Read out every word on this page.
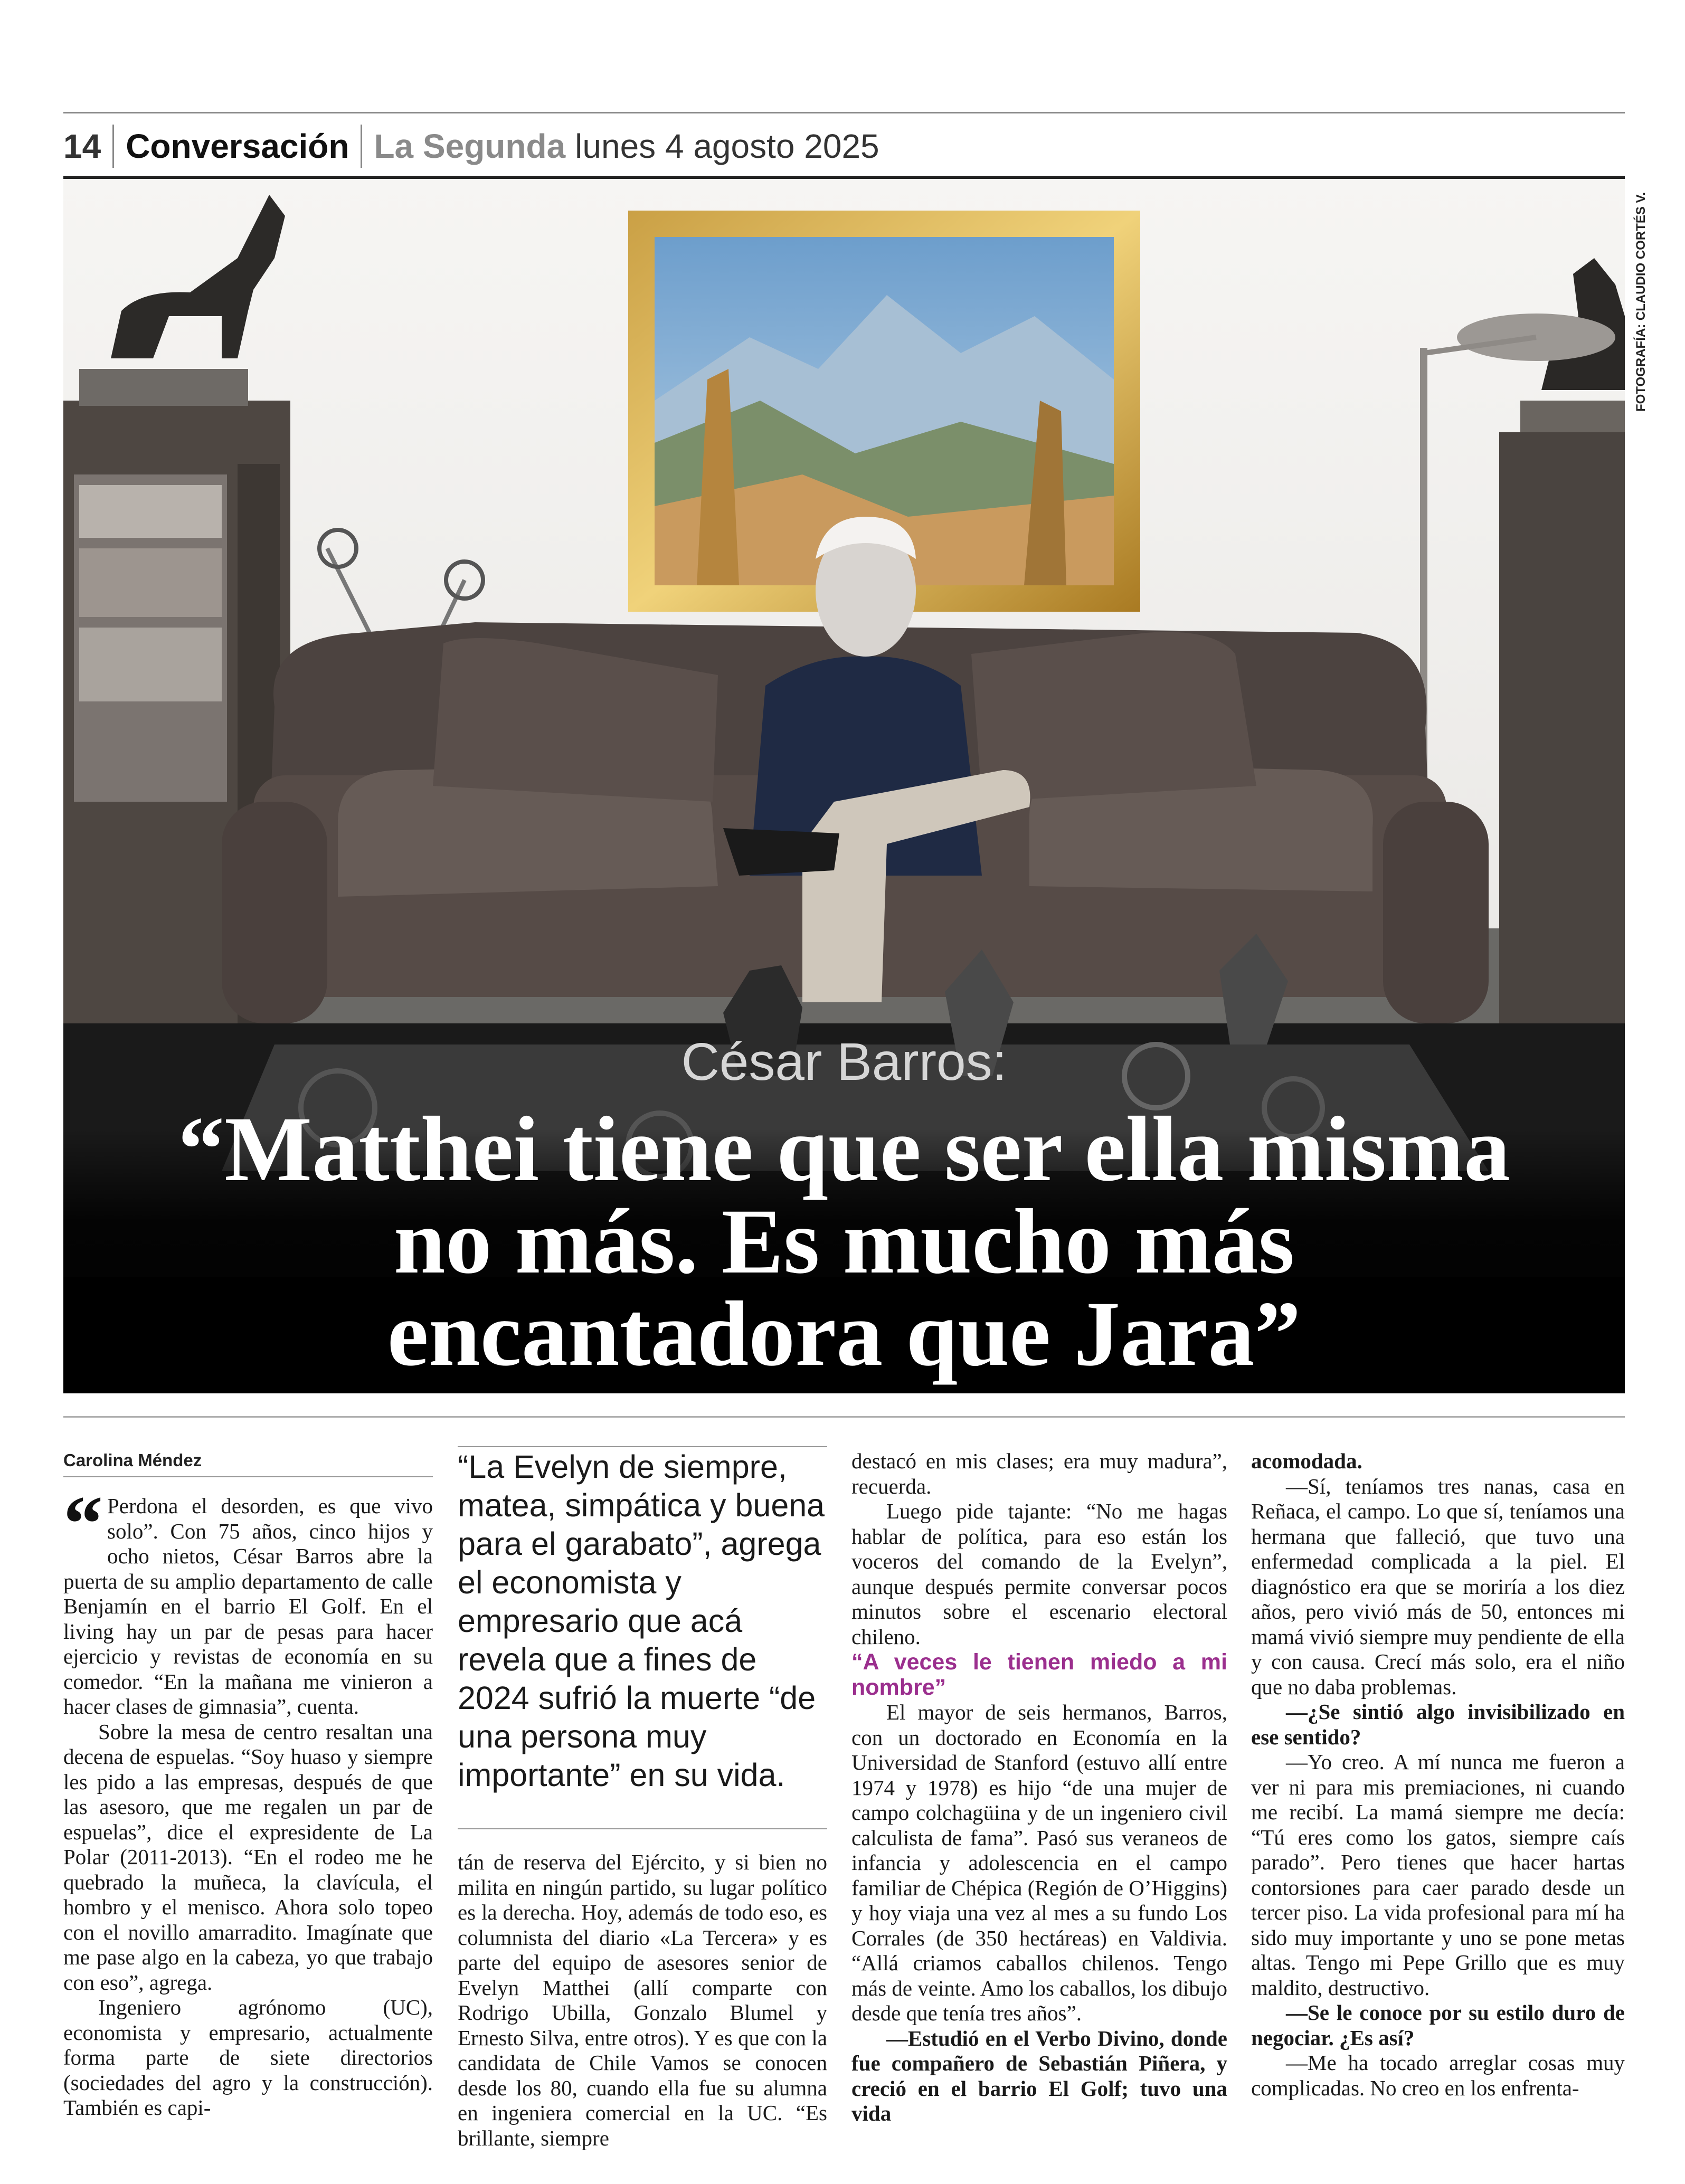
14 Conversación La Segunda lunes 4 agosto 2025
FOTOGRAFÍA: CLAUDIO CORTÉS V.
César Barros:
“Matthei tiene que ser ella misma
no más. Es mucho más
encantadora que Jara”
Carolina Méndez
“ Perdona el desorden, es que vivo solo”. Con 75 años, cinco hijos y ocho nietos, César Barros abre la puerta de su amplio departamento de calle Benjamín en el barrio El Golf. En el living hay un par de pesas para hacer ejercicio y revistas de economía en su comedor. “En la mañana me vinieron a hacer clases de gimnasia”, cuenta.

Sobre la mesa de centro resaltan una decena de espuelas. “Soy huaso y siempre les pido a las empresas, después de que las asesoro, que me regalen un par de espuelas”, dice el expresidente de La Polar (2011-2013). “En el rodeo me he quebrado la muñeca, la clavícula, el hombro y el menisco. Ahora solo topeo con el novillo amarradito. Imagínate que me pase algo en la cabeza, yo que trabajo con eso”, agrega.

Ingeniero agrónomo (UC), economista y empresario, actualmente forma parte de siete directorios (sociedades del agro y la construcción). También es capi-

“La Evelyn de siempre, matea, simpática y buena para el garabato”, agrega el economista y empresario que acá revela que a fines de 2024 sufrió la muerte “de una persona muy importante” en su vida.
tán de reserva del Ejército, y si bien no milita en ningún partido, su lugar político es la derecha. Hoy, además de todo eso, es columnista del diario «La Tercera» y es parte del equipo de asesores senior de Evelyn Matthei (allí comparte con Rodrigo Ubilla, Gonzalo Blumel y Ernesto Silva, entre otros). Y es que con la candidata de Chile Vamos se conocen desde los 80, cuando ella fue su alumna en ingeniera comercial en la UC. “Es brillante, siempre

destacó en mis clases; era muy madura”, recuerda.

Luego pide tajante: “No me hagas hablar de política, para eso están los voceros del comando de la Evelyn”, aunque después permite conversar pocos minutos sobre el escenario electoral chileno.

“A veces le tienen miedo a mi nombre”

El mayor de seis hermanos, Barros, con un doctorado en Economía en la Universidad de Stanford (estuvo allí entre 1974 y 1978) es hijo “de una mujer de campo colchagüina y de un ingeniero civil calculista de fama”. Pasó sus veraneos de infancia y adolescencia en el campo familiar de Chépica (Región de O’Higgins) y hoy viaja una vez al mes a su fundo Los Corrales (de 350 hectáreas) en Valdivia. “Allá criamos caballos chilenos. Tengo más de veinte. Amo los caballos, los dibujo desde que tenía tres años”.

—Estudió en el Verbo Divino, donde fue compañero de Sebastián Piñera, y creció en el barrio El Golf; tuvo una vida

acomodada.

—Sí, teníamos tres nanas, casa en Reñaca, el campo. Lo que sí, teníamos una hermana que falleció, que tuvo una enfermedad complicada a la piel. El diagnóstico era que se moriría a los diez años, pero vivió más de 50, entonces mi mamá vivió siempre muy pendiente de ella y con causa. Crecí más solo, era el niño que no daba problemas.

—¿Se sintió algo invisibilizado en ese sentido?

—Yo creo. A mí nunca me fueron a ver ni para mis premiaciones, ni cuando me recibí. La mamá siempre me decía: “Tú eres como los gatos, siempre caís parado”. Pero tienes que hacer hartas contorsiones para caer parado desde un tercer piso. La vida profesional para mí ha sido muy importante y uno se pone metas altas. Tengo mi Pepe Grillo que es muy maldito, destructivo.

—Se le conoce por su estilo duro de negociar. ¿Es así?

—Me ha tocado arreglar cosas muy complicadas. No creo en los enfrenta-
